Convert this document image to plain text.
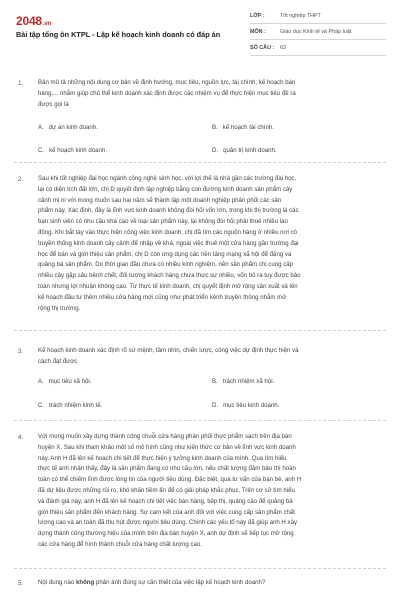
2048.vn
Bài tập tổng ôn KTPL - Lập kế hoạch kinh doanh có đáp án
LỚP :	Tốt nghiệp THPT
MÔN :	Giáo dục Kinh tế và Pháp luật
SỐ CÂU :	63
1. Bản mô tả những nội dung cơ bản về định hướng, mục tiêu, nguồn lực, tài chính, kế hoạch bán
hàng,... nhằm giúp chủ thể kinh doanh xác định được các nhiệm vụ để thực hiện mục tiêu đề ra
được gọi là
A. dự án kinh doanh.	B. kế hoạch tài chính.
C. kế hoạch kinh doanh.	D. quản trị kinh doanh.
2. Sau khi tốt nghiệp đại học ngành công nghệ sinh học, với lợi thế là nhà gần các trường đại học,
lại có diện tích đất lớn, chị D quyết định lập nghiệp bằng con đường kinh doanh sản phẩm cây
cảnh mi ni với mong muốn sau hai năm sẽ thành lập một doanh nghiệp phân phối các sản
phẩm này. Xác định, đây là lĩnh vực kinh doanh không đòi hỏi vốn lớn, trong khi thị trường là các
bạn sinh viên có nhu cầu khá cao về loại sản phẩm này, lại không đòi hỏi phải thuê nhiều lao
động. Khi bắt tay vào thực hiện công việc kinh doanh, chị đã tìm các nguồn hàng ở nhiều nơi có
truyền thống kinh doanh cây cảnh để nhập về khá, ngoài việc thuê một cửa hàng gần trường đại
học để bán và giới thiệu sản phẩm, chị D còn ứng dụng các nền tảng mạng xã hội để đăng và
quảng bá sản phẩm. Do thời gian đầu chưa có nhiều kinh nghiệm, nên sản phẩm chị cung cấp
nhiều cây gặp sâu bệnh chết, đối tượng khách hàng chưa thực sự nhiều, vốn bỏ ra tuy được bảo
toàn nhưng lợi nhuận không cao. Từ thực tế kinh doanh, chị quyết định mở rộng sản xuất và lên
kế hoạch đầu tư thêm nhiều cửa hàng mới cũng như phát triển kênh truyền thông nhằm mở
rộng thị trường.
3. Kế hoạch kinh doanh xác định rõ sứ mệnh, tầm nhìn, chiến lược, công việc dự định thực hiện và
cách đạt được
A. mục tiêu xã hội.	B. trách nhiệm xã hội.
C. trách nhiệm kinh tế.	D. mục tiêu kinh doanh.
4. Với mong muốn xây dựng thành công chuỗi cửa hàng phân phối thực phẩm sạch trên địa bàn
huyện X. Sau khi tham khảo một số mô hình cũng như kiến thức cơ bản về lĩnh vực kinh doanh
này. Anh H đã lên kế hoạch chi tiết để thực hiện ý tưởng kinh doanh của mình. Qua tìm hiểu
thực tế anh nhận thấy, đây là sản phẩm đang có nhu cầu lớn, nếu chất lượng đảm bảo thì hoàn
toàn có thể chiếm lĩnh được lòng tin của người tiêu dùng. Đặc biệt, qua tư vấn của bạn bè, anh H
đã dự liệu được những rủi ro, khó khăn tiềm ẩn để có giải pháp khắc phục. Trên cơ sở tìm hiểu
và đánh giá này, anh H đã lên kế hoạch chi tiết việc bán hàng, tiếp thị, quảng cáo để quảng bá
giới thiệu sản phẩm đến khách hàng. Sự cam kết của anh đối với việc cung cấp sản phẩm chất
lượng cao và an toàn đã thu hút được người tiêu dùng. Chính các yếu tố này đã giúp anh H xây
dựng thành công thương hiệu của mình trên địa bàn huyện X, anh dự định sẽ tiếp tục mở rộng
các cửa hàng để hình thành chuỗi cửa hàng chất lượng cao.
5. Nội dung nào không phản ánh đúng sự cần thiết của việc lập kế hoạch kinh doanh?
